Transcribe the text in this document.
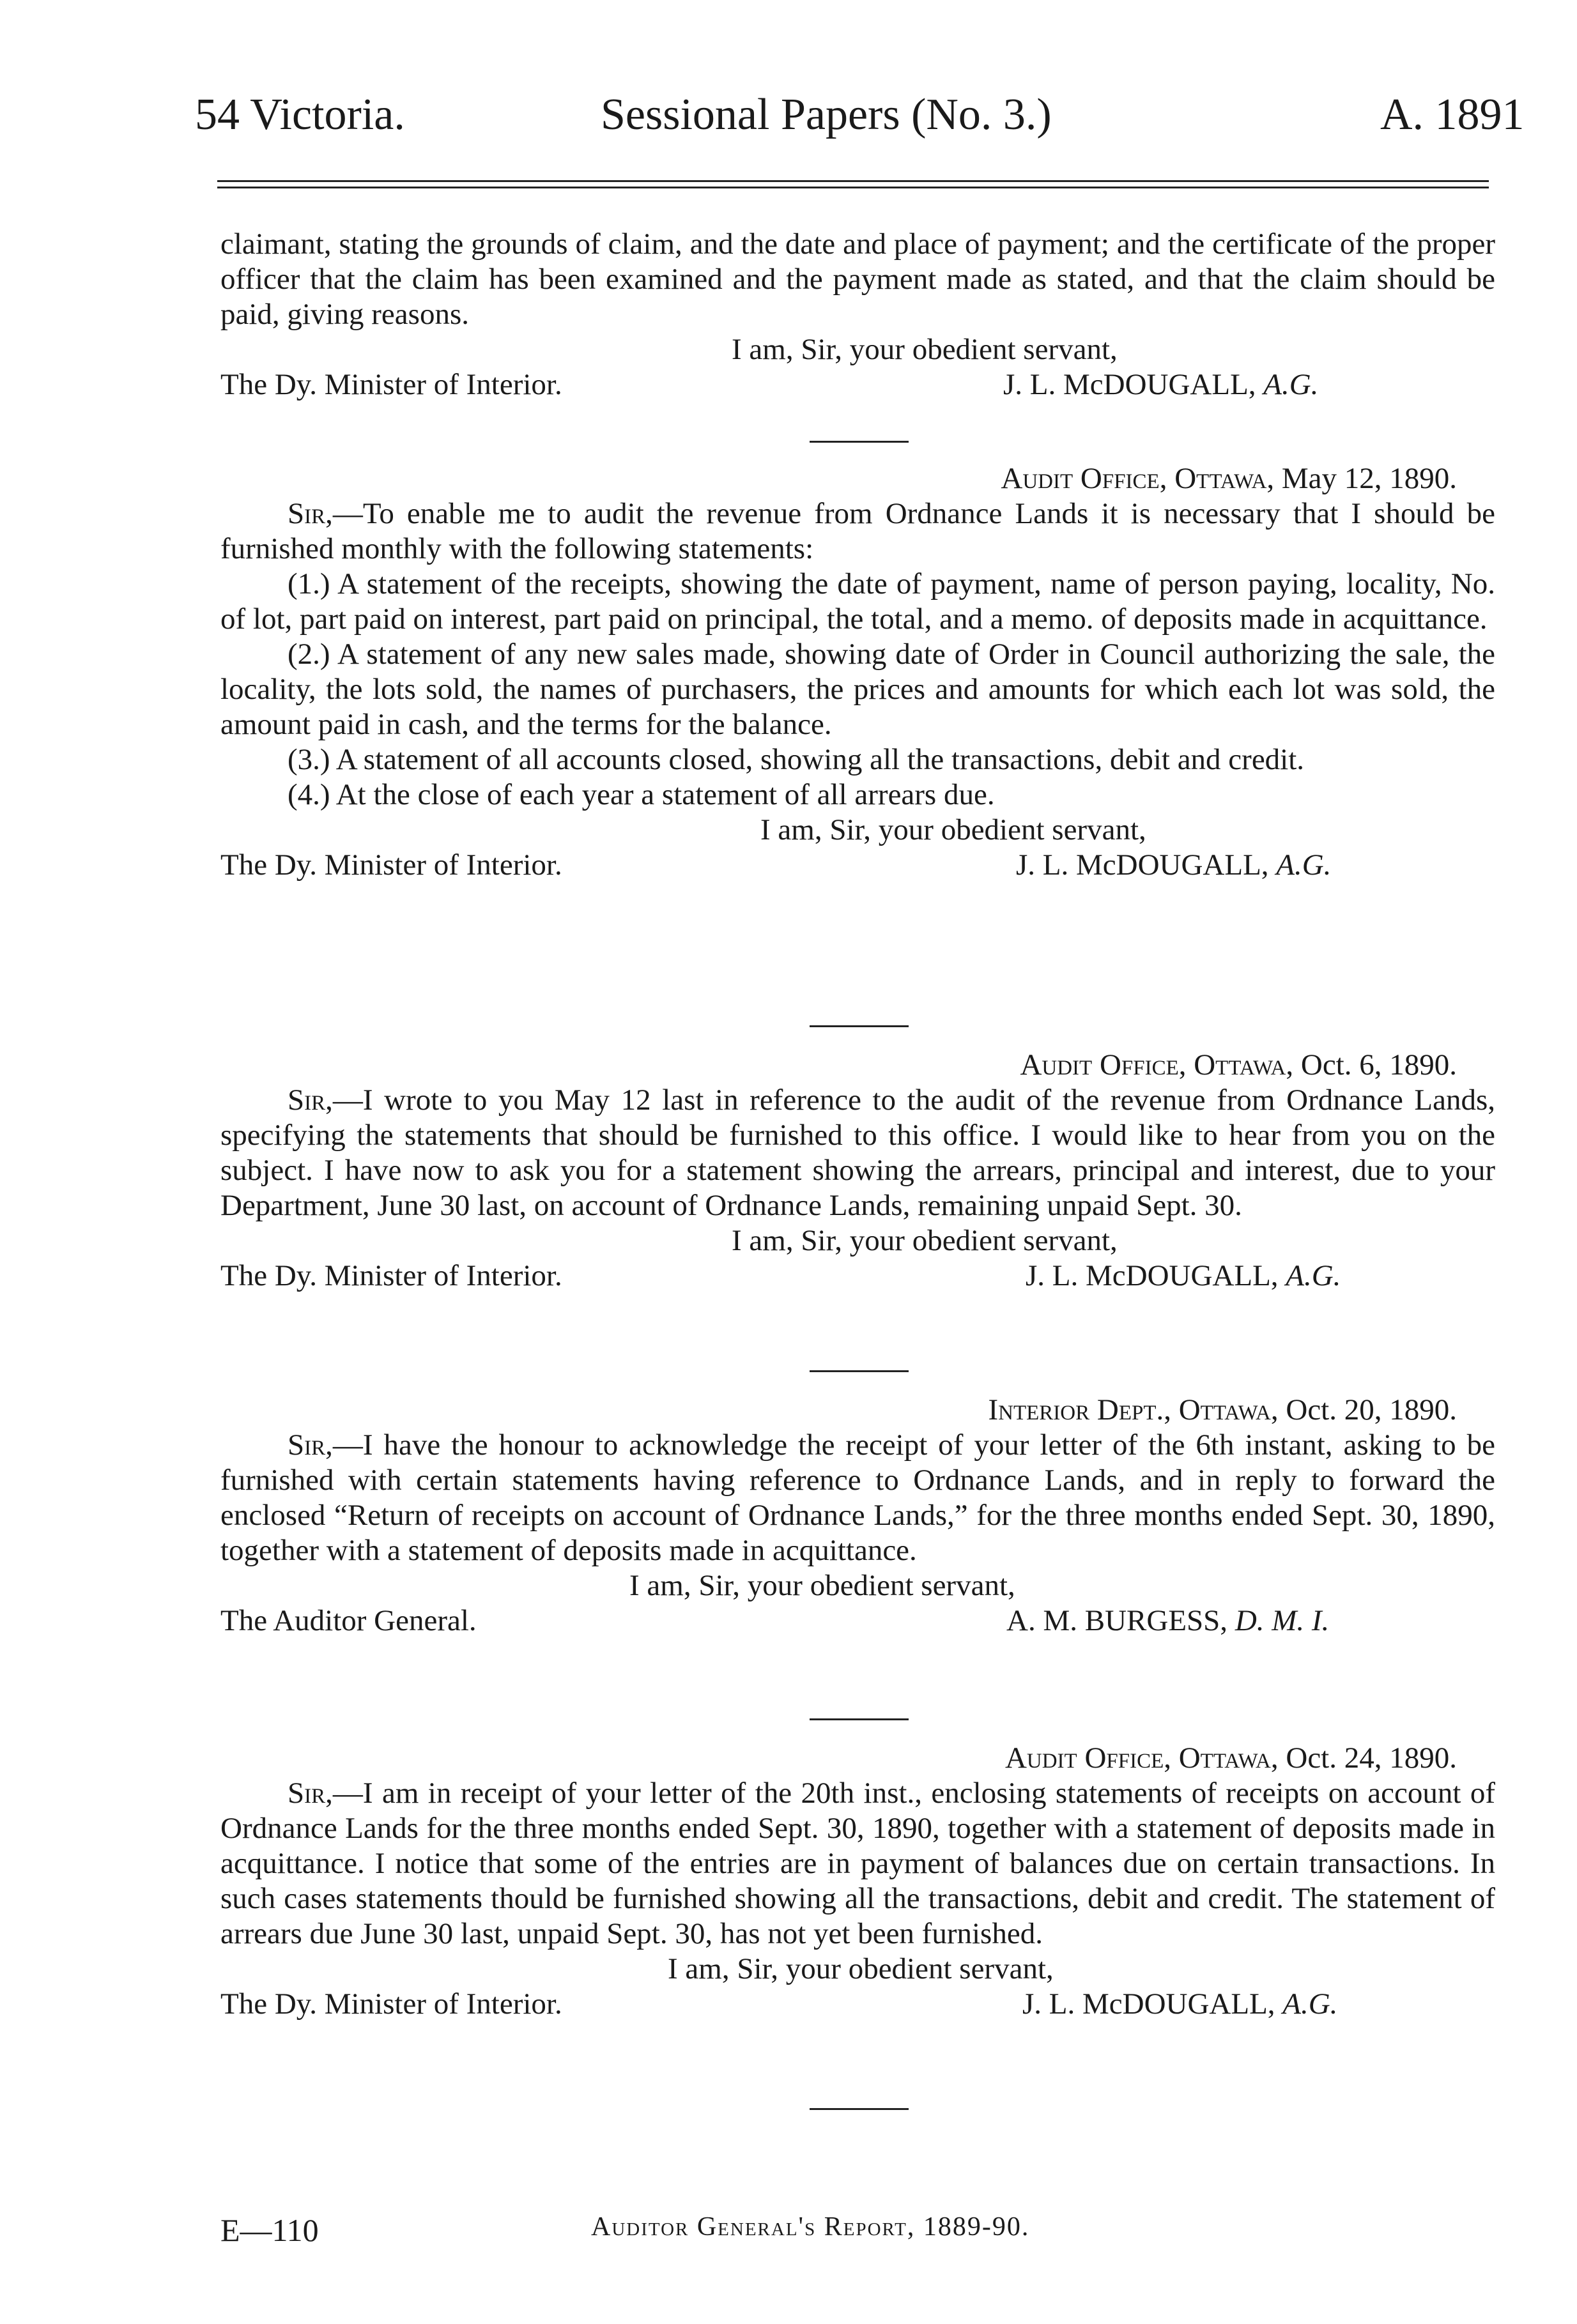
54 Victoria.	Sessional Papers (No. 3.)	A. 1891

claimant, stating the grounds of claim, and the date and place of payment; and the certificate of the proper officer that the claim has been examined and the payment made as stated, and that the claim should be paid, giving reasons.

I am, Sir, your obedient servant,
The Dy. Minister of Interior.	J. L. McDOUGALL, A.G.
Audit Office, Ottawa, May 12, 1890.

Sir,—To enable me to audit the revenue from Ordnance Lands it is necessary that I should be furnished monthly with the following statements:

(1.) A statement of the receipts, showing the date of payment, name of person paying, locality, No. of lot, part paid on interest, part paid on principal, the total, and a memo. of deposits made in acquittance.

(2.) A statement of any new sales made, showing date of Order in Council authorizing the sale, the locality, the lots sold, the names of purchasers, the prices and amounts for which each lot was sold, the amount paid in cash, and the terms for the balance.

(3.) A statement of all accounts closed, showing all the transactions, debit and credit.

(4.) At the close of each year a statement of all arrears due.

I am, Sir, your obedient servant,
The Dy. Minister of Interior.	J. L. McDOUGALL, A.G.
Audit Office, Ottawa, Oct. 6, 1890.

Sir,—I wrote to you May 12 last in reference to the audit of the revenue from Ordnance Lands, specifying the statements that should be furnished to this office. I would like to hear from you on the subject. I have now to ask you for a statement showing the arrears, principal and interest, due to your Department, June 30 last, on account of Ordnance Lands, remaining unpaid Sept. 30.

I am, Sir, your obedient servant,
The Dy. Minister of Interior.	J. L. McDOUGALL, A.G.
Interior Dept., Ottawa, Oct. 20, 1890.

Sir,—I have the honour to acknowledge the receipt of your letter of the 6th instant, asking to be furnished with certain statements having reference to Ordnance Lands, and in reply to forward the enclosed “Return of receipts on account of Ordnance Lands,” for the three months ended Sept. 30, 1890, together with a statement of deposits made in acquittance.

I am, Sir, your obedient servant,
The Auditor General.	A. M. BURGESS, D. M. I.
Audit Office, Ottawa, Oct. 24, 1890.

Sir,—I am in receipt of your letter of the 20th inst., enclosing statements of receipts on account of Ordnance Lands for the three months ended Sept. 30, 1890, together with a statement of deposits made in acquittance. I notice that some of the entries are in payment of balances due on certain transactions. In such cases statements thould be furnished showing all the transactions, debit and credit. The statement of arrears due June 30 last, unpaid Sept. 30, has not yet been furnished.

I am, Sir, your obedient servant,
The Dy. Minister of Interior.	J. L. McDOUGALL, A.G.
E—110	Auditor General's Report, 1889-90.
